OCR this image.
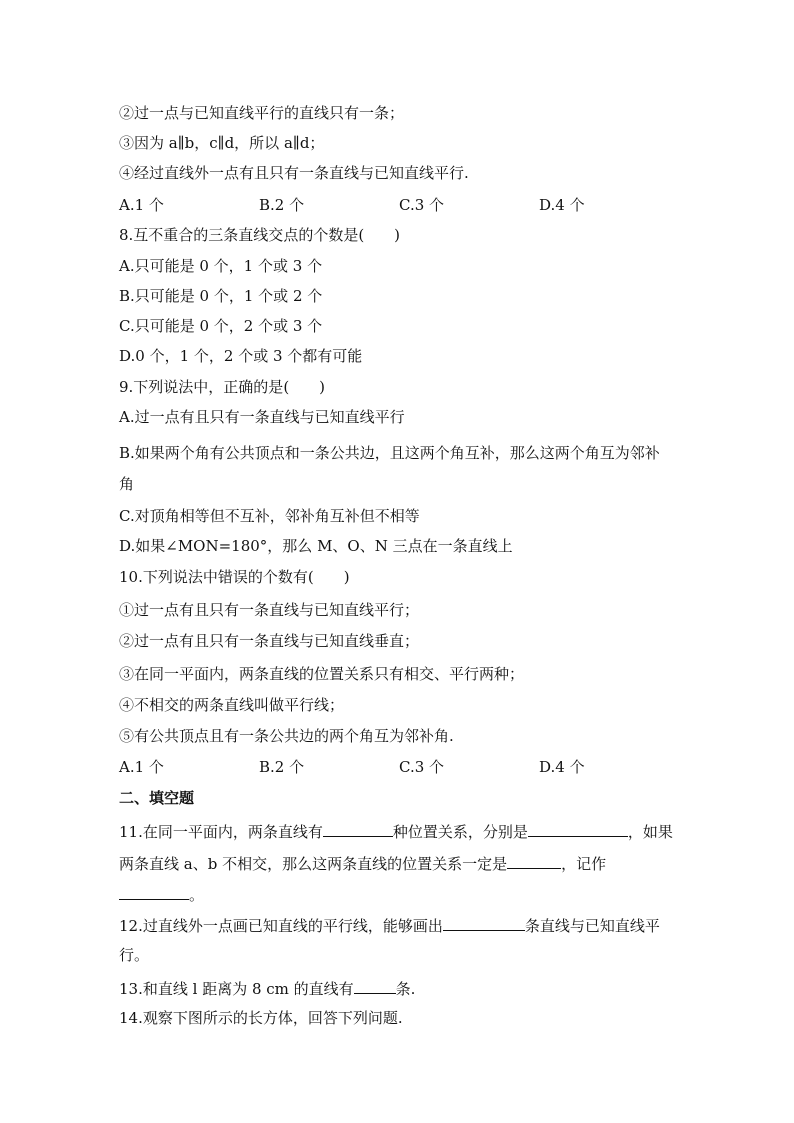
②过一点与已知直线平行的直线只有一条；
③因为 a∥b，c∥d，所以 a∥d；
④经过直线外一点有且只有一条直线与已知直线平行.
A.1 个	B.2 个	C.3 个	D.4 个
8.互不重合的三条直线交点的个数是(　　)
A.只可能是 0 个，1 个或 3 个
B.只可能是 0 个，1 个或 2 个
C.只可能是 0 个，2 个或 3 个
D.0 个，1 个，2 个或 3 个都有可能
9.下列说法中，正确的是(　　)
A.过一点有且只有一条直线与已知直线平行
B.如果两个角有公共顶点和一条公共边，且这两个角互补，那么这两个角互为邻补
角
C.对顶角相等但不互补，邻补角互补但不相等
D.如果∠MON=180°，那么 M、O、N 三点在一条直线上
10.下列说法中错误的个数有(　　)
①过一点有且只有一条直线与已知直线平行；
②过一点有且只有一条直线与已知直线垂直；
③在同一平面内，两条直线的位置关系只有相交、平行两种；
④不相交的两条直线叫做平行线；
⑤有公共顶点且有一条公共边的两个角互为邻补角.
A.1 个	B.2 个	C.3 个	D.4 个
二、填空题
11.在同一平面内，两条直线有	种位置关系，分别是	，如果
两条直线 a、b 不相交，那么这两条直线的位置关系一定是	，记作
。
12.过直线外一点画已知直线的平行线，能够画出	条直线与已知直线平
行。
13.和直线 l 距离为 8 cm 的直线有	条.
14.观察下图所示的长方体，回答下列问题.
